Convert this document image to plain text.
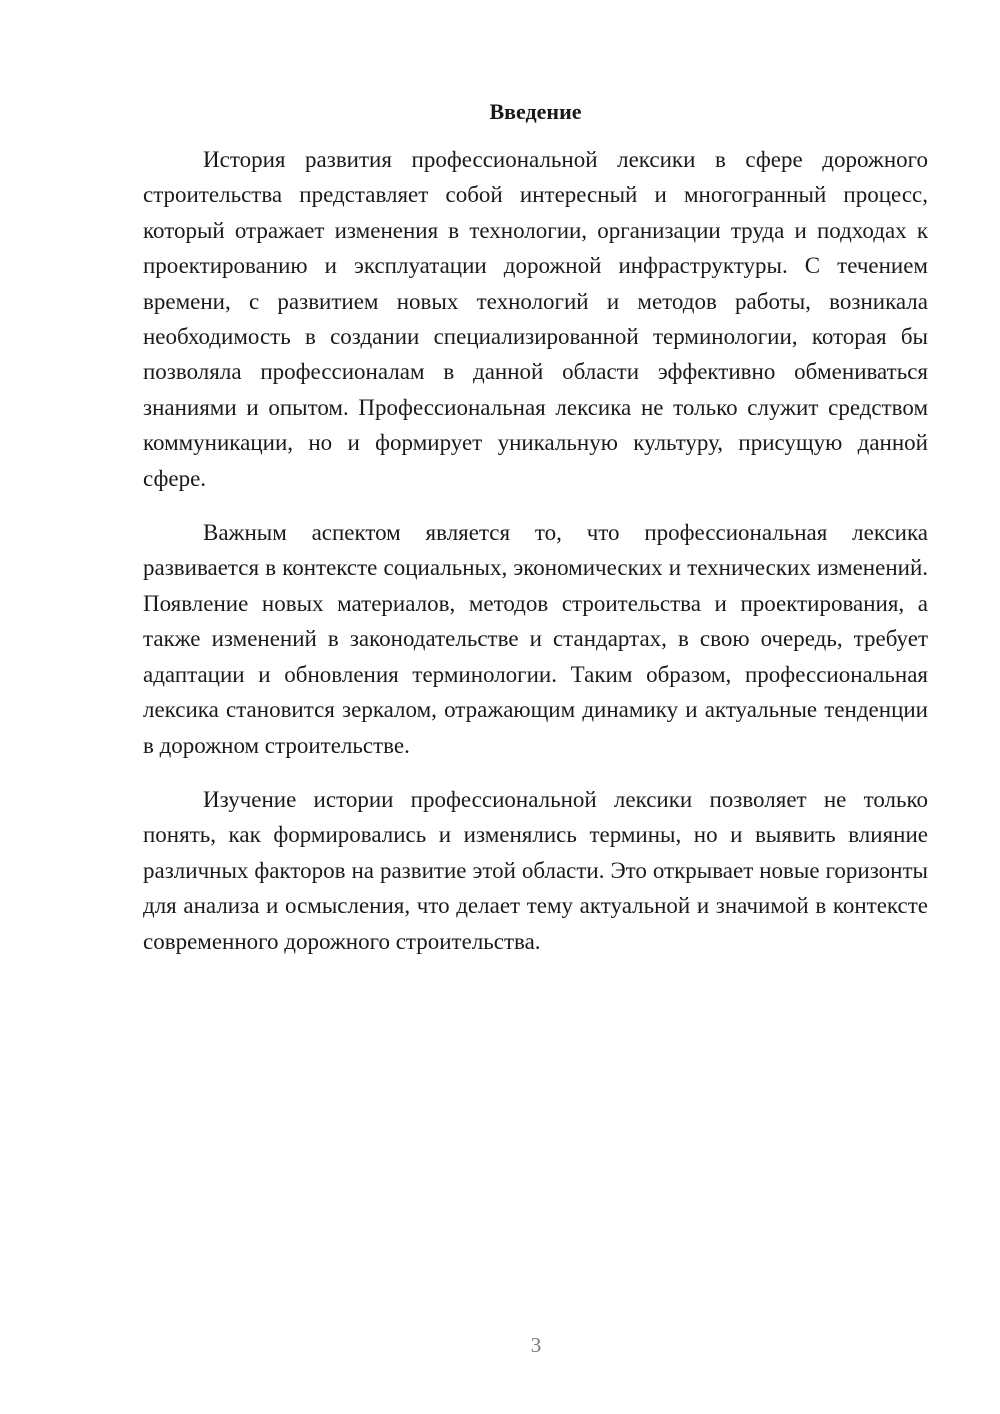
Введение

История развития профессиональной лексики в сфере дорожного строительства представляет собой интересный и многогранный процесс, который отражает изменения в технологии, организации труда и подходах к проектированию и эксплуатации дорожной инфраструктуры. С течением времени, с развитием новых технологий и методов работы, возникала необходимость в создании специализированной терминологии, которая бы позволяла профессионалам в данной области эффективно обмениваться знаниями и опытом. Профессиональная лексика не только служит средством коммуникации, но и формирует уникальную культуру, присущую данной сфере.

Важным аспектом является то, что профессиональная лексика развивается в контексте социальных, экономических и технических изменений. Появление новых материалов, методов строительства и проектирования, а также изменений в законодательстве и стандартах, в свою очередь, требует адаптации и обновления терминологии. Таким образом, профессиональная лексика становится зеркалом, отражающим динамику и актуальные тенденции в дорожном строительстве.

Изучение истории профессиональной лексики позволяет не только понять, как формировались и изменялись термины, но и выявить влияние различных факторов на развитие этой области. Это открывает новые горизонты для анализа и осмысления, что делает тему актуальной и значимой в контексте современного дорожного строительства.

3
